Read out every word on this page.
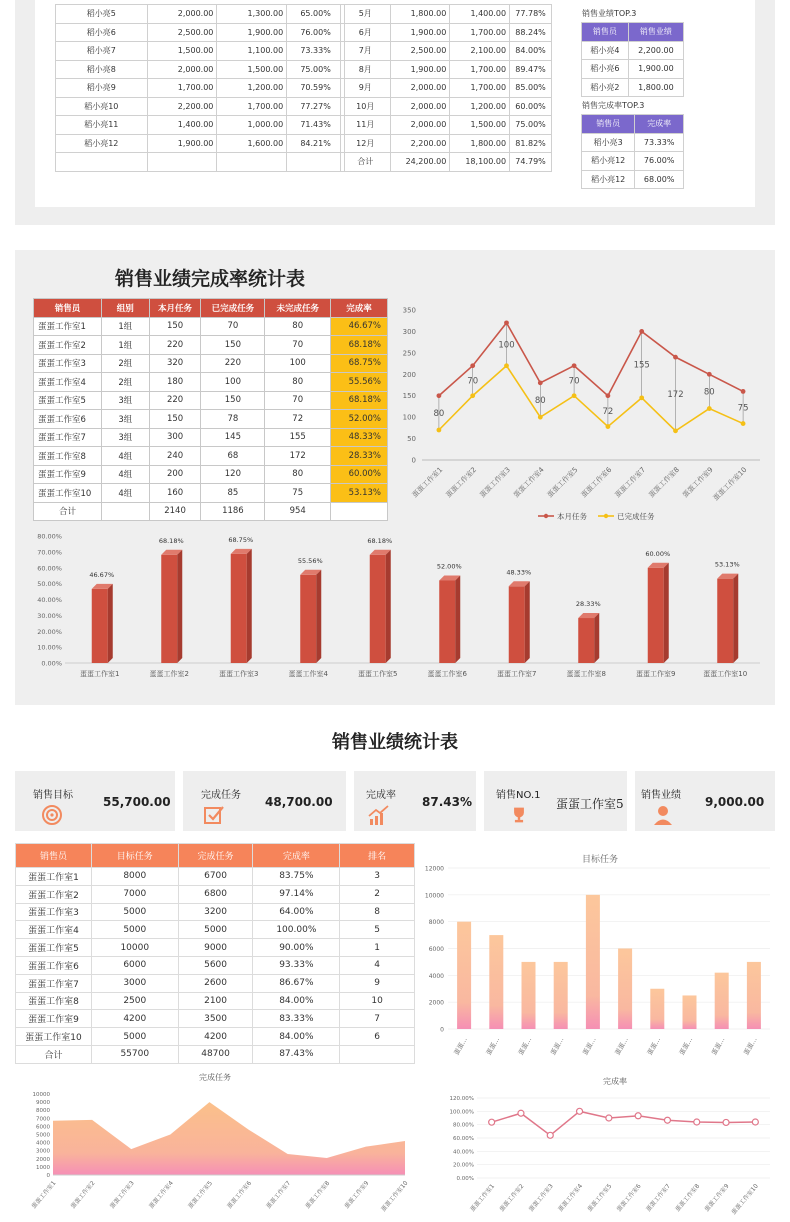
稻小亮5	2,000.00	1,300.00	65.00%
稻小亮6	2,500.00	1,900.00	76.00%
稻小亮7	1,500.00	1,100.00	73.33%
稻小亮8	2,000.00	1,500.00	75.00%
稻小亮9	1,700.00	1,200.00	70.59%
稻小亮10	2,200.00	1,700.00	77.27%
稻小亮11	1,400.00	1,000.00	71.43%
稻小亮12	1,900.00	1,600.00	84.21%

5月	1,800.00	1,400.00	77.78%
6月	1,900.00	1,700.00	88.24%
7月	2,500.00	2,100.00	84.00%
8月	1,900.00	1,700.00	89.47%
9月	2,000.00	1,700.00	85.00%
10月	2,000.00	1,200.00	60.00%
11月	2,000.00	1,500.00	75.00%
12月	2,200.00	1,800.00	81.82%
合计	24,200.00	18,100.00	74.79%
销售业绩TOP.3
销售员	销售业绩
稻小亮4	2,200.00
稻小亮6	1,900.00
稻小亮2	1,800.00
销售完成率TOP.3
销售员	完成率
稻小亮3	73.33%
稻小亮12	76.00%
稻小亮12	68.00%
销售业绩完成率统计表
销售员	组别	本月任务	已完成任务	未完成任务	完成率
蛋蛋工作室1	1组	150	70	80	46.67%
蛋蛋工作室2	1组	220	150	70	68.18%
蛋蛋工作室3	2组	320	220	100	68.75%
蛋蛋工作室4	2组	180	100	80	55.56%
蛋蛋工作室5	3组	220	150	70	68.18%
蛋蛋工作室6	3组	150	78	72	52.00%
蛋蛋工作室7	3组	300	145	155	48.33%
蛋蛋工作室8	4组	240	68	172	28.33%
蛋蛋工作室9	4组	200	120	80	60.00%
蛋蛋工作室10	4组	160	85	75	53.13%
合计		2140	1186	954	
0
50
100
150
200
250
300
350
蛋蛋工作室1 蛋蛋工作室2 蛋蛋工作室3 蛋蛋工作室4 蛋蛋工作室5 蛋蛋工作室6 蛋蛋工作室7 蛋蛋工作室8 蛋蛋工作室9
蛋蛋工作室10
80
70
100
80
70
72
155
172 80
75
本月任务	已完成任务
0.00%
10.00%
20.00%
30.00%
40.00%
50.00%
60.00%
70.00%
80.00%
46.67%
蛋蛋工作室1
68.18%
蛋蛋工作室2
68.75%
蛋蛋工作室3
55.56%
蛋蛋工作室4
68.18%
蛋蛋工作室5
52.00%
蛋蛋工作室6
48.33%
蛋蛋工作室7
28.33%
蛋蛋工作室8
60.00%
蛋蛋工作室9
53.13%
蛋蛋工作室10
销售业绩统计表
销售目标	55,700.00	完成任务 48,700.00	完成率 87.43% 销售NO.1
蛋蛋工作室5
销售业绩 9,000.00
销售员	目标任务	完成任务	完成率	排名
蛋蛋工作室1	8000	6700	83.75%	3
蛋蛋工作室2	7000	6800	97.14%	2
蛋蛋工作室3	5000	3200	64.00%	8
蛋蛋工作室4	5000	5000	100.00%	5
蛋蛋工作室5	10000	9000	90.00%	1
蛋蛋工作室6	6000	5600	93.33%	4
蛋蛋工作室7	3000	2600	86.67%	9
蛋蛋工作室8	2500	2100	84.00%	10
蛋蛋工作室9	4200	3500	83.33%	7
蛋蛋工作室10	5000	4200	84.00%	6
合计	55700	48700	87.43%	
目标任务
0
2000
4000
6000
8000
10000
12000
蛋蛋... 蛋蛋... 蛋蛋... 蛋蛋... 蛋蛋... 蛋蛋... 蛋蛋... 蛋蛋... 蛋蛋... 蛋蛋...
完成任务
0
1000
2000
3000
4000
5000
6000
7000
8000
9000
10000
蛋蛋工作室1 蛋蛋工作室2 蛋蛋工作室3 蛋蛋工作室4 蛋蛋工作室5 蛋蛋工作室6 蛋蛋工作室7 蛋蛋工作室8 蛋蛋工作室9 蛋蛋工作室10
完成率
0.00%
20.00%
40.00%
60.00%
80.00%
100.00%
120.00%
蛋蛋工作室1 蛋蛋工作室2 蛋蛋工作室3 蛋蛋工作室4 蛋蛋工作室5 蛋蛋工作室6 蛋蛋工作室7 蛋蛋工作室8 蛋蛋工作室9 蛋蛋工作室10
